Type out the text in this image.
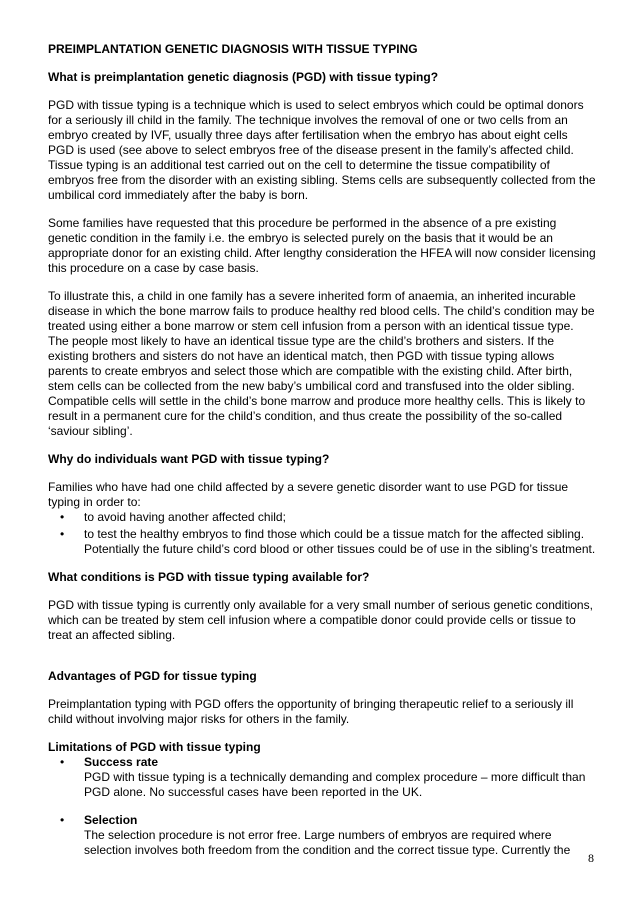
PREIMPLANTATION GENETIC DIAGNOSIS WITH TISSUE TYPING

What is preimplantation genetic diagnosis (PGD) with tissue typing?

PGD with tissue typing is a technique which is used to select embryos which could be optimal donors for a seriously ill child in the family. The technique involves the removal of one or two cells from an embryo created by IVF, usually three days after fertilisation when the embryo has about eight cells PGD is used (see above to select embryos free of the disease present in the family’s affected child. Tissue typing is an additional test carried out on the cell to determine the tissue compatibility of embryos free from the disorder with an existing sibling. Stems cells are subsequently collected from the umbilical cord immediately after the baby is born.

Some families have requested that this procedure be performed in the absence of a pre existing genetic condition in the family i.e. the embryo is selected purely on the basis that it would be an appropriate donor for an existing child. After lengthy consideration the HFEA will now consider licensing this procedure on a case by case basis.

To illustrate this, a child in one family has a severe inherited form of anaemia, an inherited incurable disease in which the bone marrow fails to produce healthy red blood cells. The child’s condition may be treated using either a bone marrow or stem cell infusion from a person with an identical tissue type. The people most likely to have an identical tissue type are the child’s brothers and sisters. If the existing brothers and sisters do not have an identical match, then PGD with tissue typing allows parents to create embryos and select those which are compatible with the existing child. After birth, stem cells can be collected from the new baby’s umbilical cord and transfused into the older sibling. Compatible cells will settle in the child’s bone marrow and produce more healthy cells. This is likely to result in a permanent cure for the child’s condition, and thus create the possibility of the so-called ‘saviour sibling’.

Why do individuals want PGD with tissue typing?

Families who have had one child affected by a severe genetic disorder want to use PGD for tissue typing in order to:

• to avoid having another affected child;
• to test the healthy embryos to find those which could be a tissue match for the affected sibling. Potentially the future child’s cord blood or other tissues could be of use in the sibling’s treatment.

What conditions is PGD with tissue typing available for?

PGD with tissue typing is currently only available for a very small number of serious genetic conditions, which can be treated by stem cell infusion where a compatible donor could provide cells or tissue to treat an affected sibling.

Advantages of PGD for tissue typing

Preimplantation typing with PGD offers the opportunity of bringing therapeutic relief to a seriously ill child without involving major risks for others in the family.

Limitations of PGD with tissue typing

• Success rate
PGD with tissue typing is a technically demanding and complex procedure – more difficult than PGD alone. No successful cases have been reported in the UK.
• Selection
The selection procedure is not error free. Large numbers of embryos are required where selection involves both freedom from the condition and the correct tissue type. Currently the
8
